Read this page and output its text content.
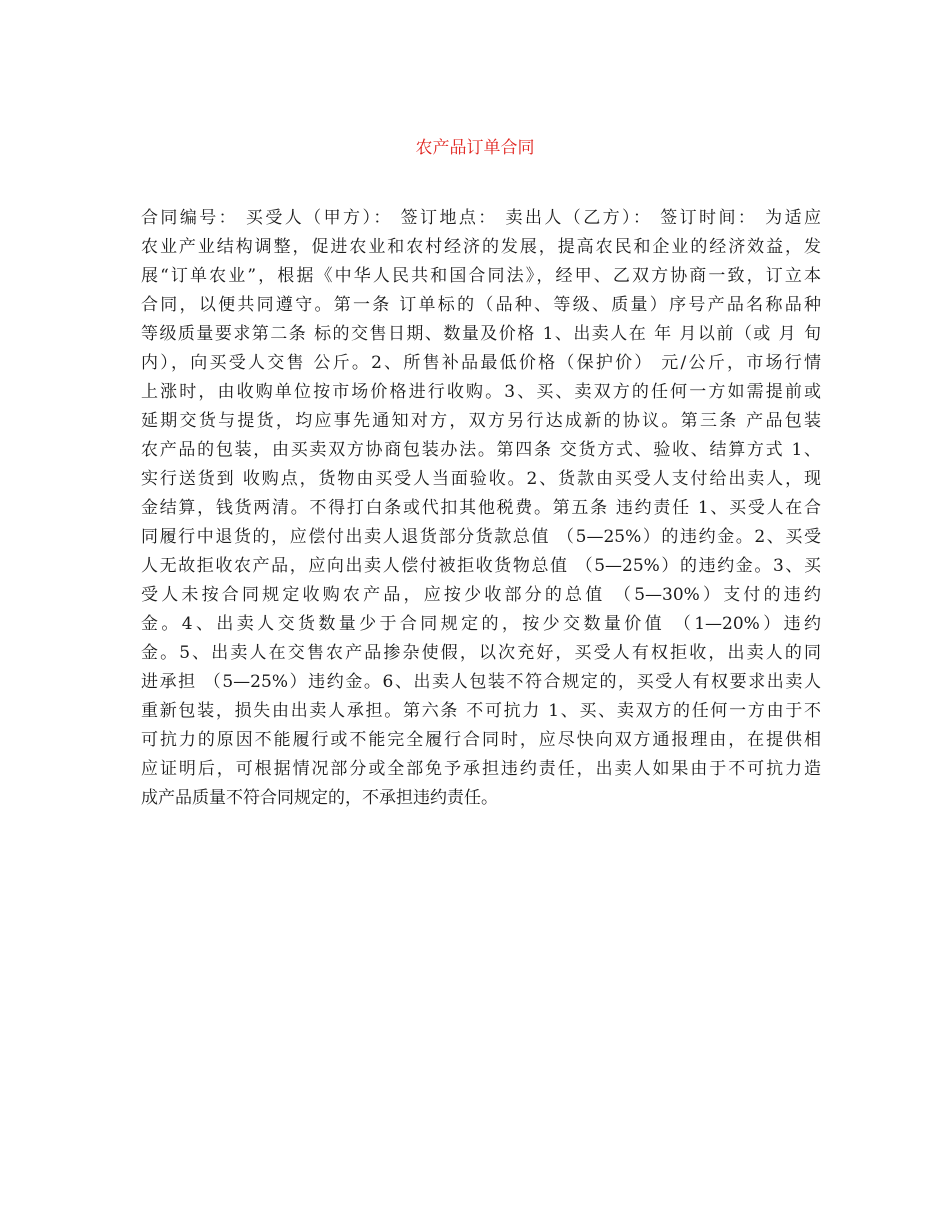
农产品订单合同
合同编号： 买受人（甲方）： 签订地点： 卖出人（乙方）： 签订时间： 为适应
农业产业结构调整，促进农业和农村经济的发展，提高农民和企业的经济效益，发
展“订单农业”，根据《中华人民共和国合同法》，经甲、乙双方协商一致，订立本
合同，以便共同遵守。第一条 订单标的（品种、等级、质量）序号产品名称品种
等级质量要求第二条 标的交售日期、数量及价格 1、出卖人在 年 月以前（或 月 旬
内），向买受人交售 公斤。2、所售补品最低价格（保护价） 元/公斤，市场行情
上涨时，由收购单位按市场价格进行收购。3、买、卖双方的任何一方如需提前或
延期交货与提货，均应事先通知对方，双方另行达成新的协议。第三条 产品包装
农产品的包装，由买卖双方协商包装办法。第四条 交货方式、验收、结算方式 1、
实行送货到 收购点，货物由买受人当面验收。2、货款由买受人支付给出卖人，现
金结算，钱货两清。不得打白条或代扣其他税费。第五条 违约责任 1、买受人在合
同履行中退货的，应偿付出卖人退货部分货款总值 （5—25%）的违约金。2、买受
人无故拒收农产品，应向出卖人偿付被拒收货物总值 （5—25%）的违约金。3、买
受人未按合同规定收购农产品，应按少收部分的总值 （5—30%）支付的违约
金。4、出卖人交货数量少于合同规定的，按少交数量价值 （1—20%）违约
金。5、出卖人在交售农产品掺杂使假，以次充好，买受人有权拒收，出卖人的同
进承担 （5—25%）违约金。6、出卖人包装不符合规定的，买受人有权要求出卖人
重新包装，损失由出卖人承担。第六条 不可抗力 1、买、卖双方的任何一方由于不
可抗力的原因不能履行或不能完全履行合同时，应尽快向双方通报理由，在提供相
应证明后，可根据情况部分或全部免予承担违约责任，出卖人如果由于不可抗力造
成产品质量不符合同规定的，不承担违约责任。
